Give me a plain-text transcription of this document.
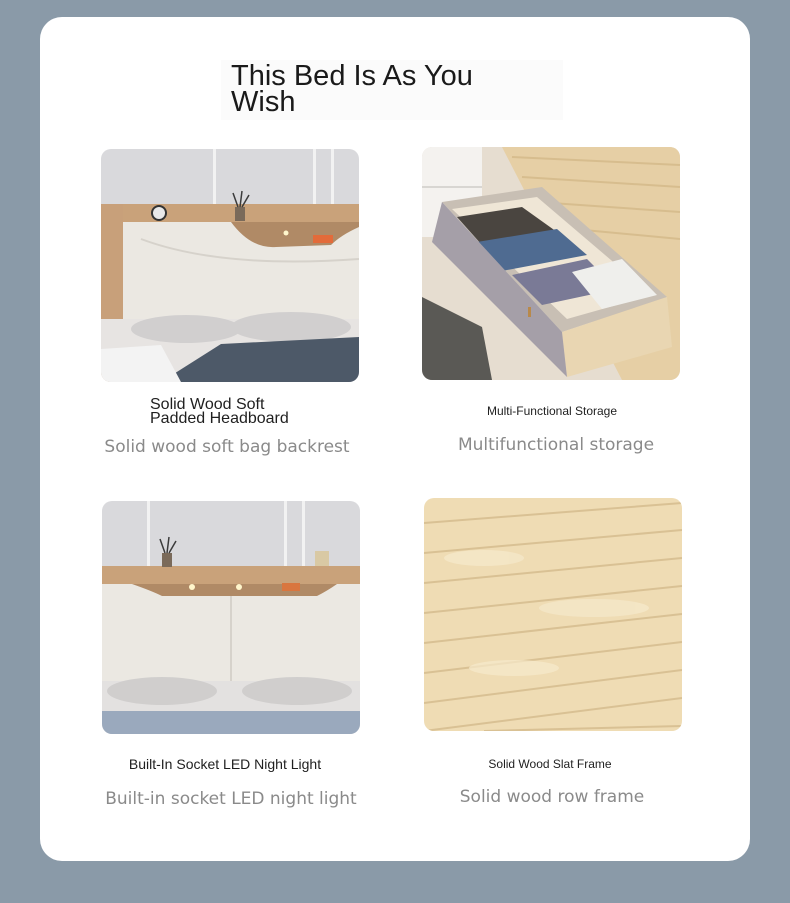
This Bed Is As You Wish
Solid Wood Soft Padded Headboard
Solid wood soft bag backrest
Multi-Functional Storage
Multifunctional storage
Built-In Socket LED Night Light
Built-in socket LED night light
Solid Wood Slat Frame
Solid wood row frame
